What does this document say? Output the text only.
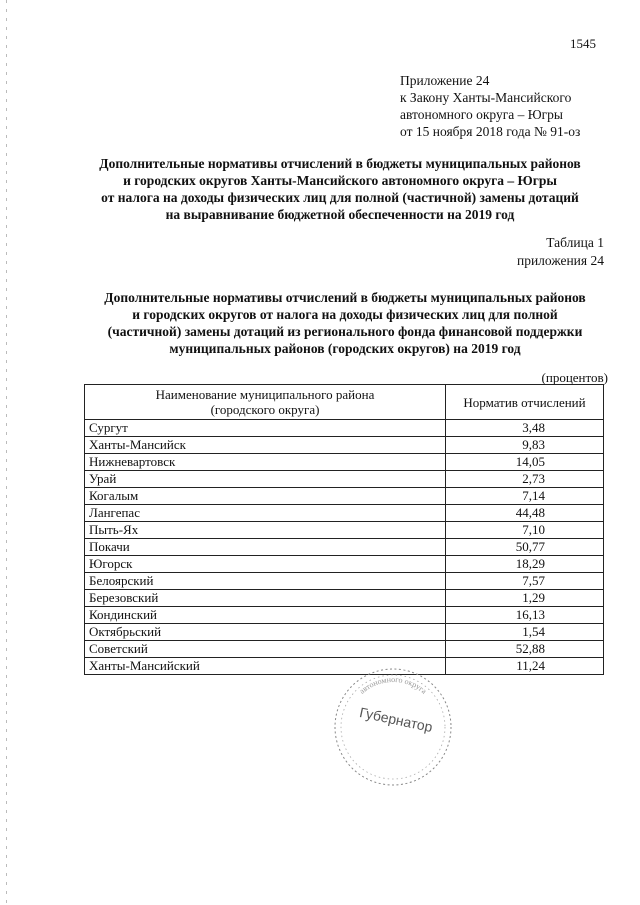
1545
Приложение 24
к Закону Ханты-Мансийского
автономного округа – Югры
от 15 ноября 2018 года № 91-оз
Дополнительные нормативы отчислений в бюджеты муниципальных районов
и городских округов Ханты-Мансийского автономного округа – Югры
от налога на доходы физических лиц для полной (частичной) замены дотаций
на выравнивание бюджетной обеспеченности на 2019 год
Таблица 1
приложения 24
Дополнительные нормативы отчислений в бюджеты муниципальных районов
и городских округов от налога на доходы физических лиц для полной
(частичной) замены дотаций из регионального фонда финансовой поддержки
муниципальных районов (городских округов) на 2019 год
(процентов)
Наименование муниципального района
(городского округа)	Норматив отчислений
Сургут	3,48
Ханты-Мансийск	9,83
Нижневартовск	14,05
Урай	2,73
Когалым	7,14
Лангепас	44,48
Пыть-Ях	7,10
Покачи	50,77
Югорск	18,29
Белоярский	7,57
Березовский	1,29
Кондинский	16,13
Октябрьский	1,54
Советский	52,88
Ханты-Мансийский	11,24
автономного округа
Губернатор
